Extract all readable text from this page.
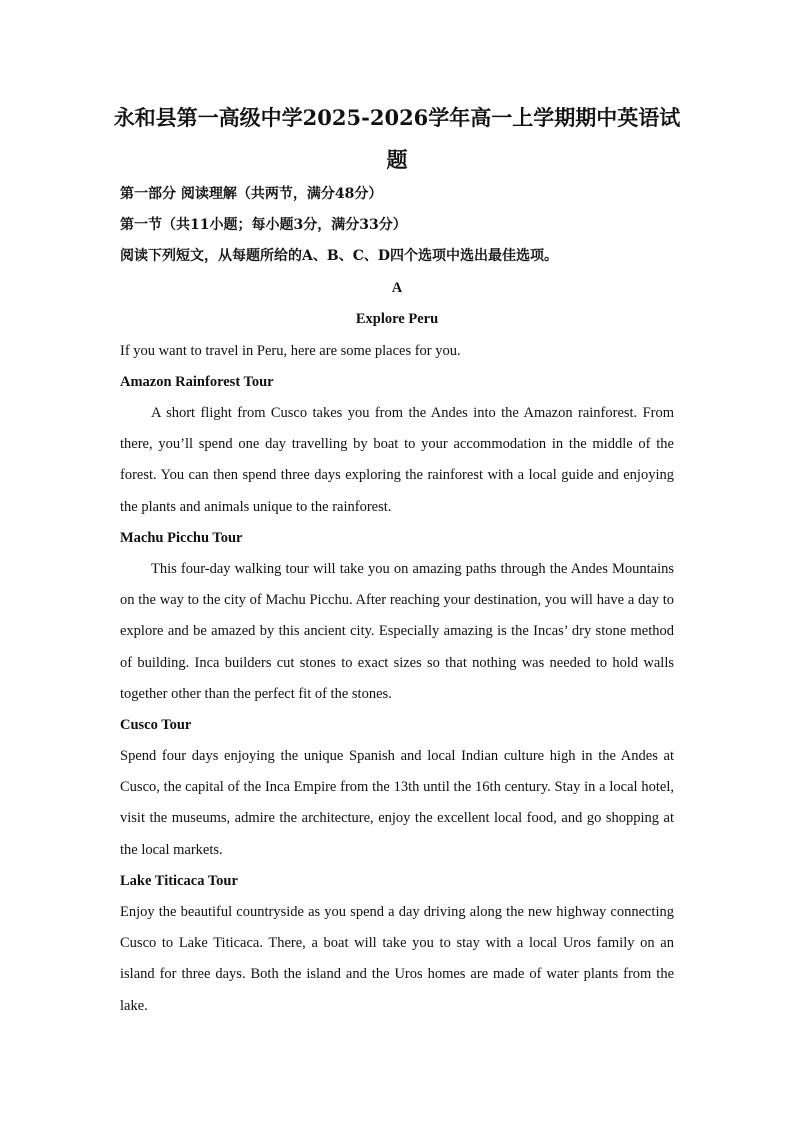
永和县第一高级中学2025-2026学年高一上学期期中英语试题
第一部分 阅读理解（共两节，满分48分）
第一节（共11小题；每小题3分，满分33分）
阅读下列短文，从每题所给的A、B、C、D四个选项中选出最佳选项。
A
Explore Peru
If you want to travel in Peru, here are some places for you.
Amazon Rainforest Tour

A short flight from Cusco takes you from the Andes into the Amazon rainforest. From there, you’ll spend one day travelling by boat to your accommodation in the middle of the forest. You can then spend three days exploring the rainforest with a local guide and enjoying the plants and animals unique to the rainforest.

Machu Picchu Tour

This four-day walking tour will take you on amazing paths through the Andes Mountains on the way to the city of Machu Picchu. After reaching your destination, you will have a day to explore and be amazed by this ancient city. Especially amazing is the Incas’ dry stone method of building. Inca builders cut stones to exact sizes so that nothing was needed to hold walls together other than the perfect fit of the stones.

Cusco Tour

Spend four days enjoying the unique Spanish and local Indian culture high in the Andes at Cusco, the capital of the Inca Empire from the 13th until the 16th century. Stay in a local hotel, visit the museums, admire the architecture, enjoy the excellent local food, and go shopping at the local markets.

Lake Titicaca Tour

Enjoy the beautiful countryside as you spend a day driving along the new highway connecting Cusco to Lake Titicaca. There, a boat will take you to stay with a local Uros family on an island for three days. Both the island and the Uros homes are made of water plants from the lake.
